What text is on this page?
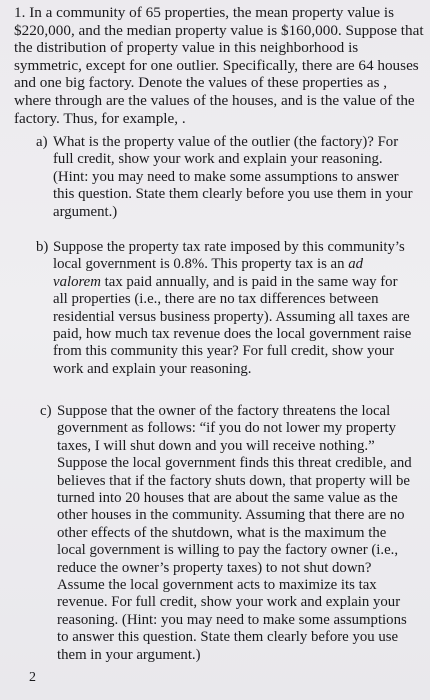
1. In a community of 65 properties, the mean property value is $220,000, and the median property value is $160,000. Suppose that the distribution of property value in this neighborhood is symmetric, except for one outlier. Specifically, there are 64 houses and one big factory. Denote the values of these properties as , where through are the values of the houses, and is the value of the factory. Thus, for example, .

a) What is the property value of the outlier (the factory)? For full credit, show your work and explain your reasoning. (Hint: you may need to make some assumptions to answer this question. State them clearly before you use them in your argument.)

b) Suppose the property tax rate imposed by this community’s local government is 0.8%. This property tax is an ad valorem tax paid annually, and is paid in the same way for all properties (i.e., there are no tax differences between residential versus business property). Assuming all taxes are paid, how much tax revenue does the local government raise from this community this year? For full credit, show your work and explain your reasoning.

c) Suppose that the owner of the factory threatens the local government as follows: “if you do not lower my property taxes, I will shut down and you will receive nothing.” Suppose the local government finds this threat credible, and believes that if the factory shuts down, that property will be turned into 20 houses that are about the same value as the other houses in the community. Assuming that there are no other effects of the shutdown, what is the maximum the local government is willing to pay the factory owner (i.e., reduce the owner’s property taxes) to not shut down? Assume the local government acts to maximize its tax revenue. For full credit, show your work and explain your reasoning. (Hint: you may need to make some assumptions to answer this question. State them clearly before you use them in your argument.)

2
